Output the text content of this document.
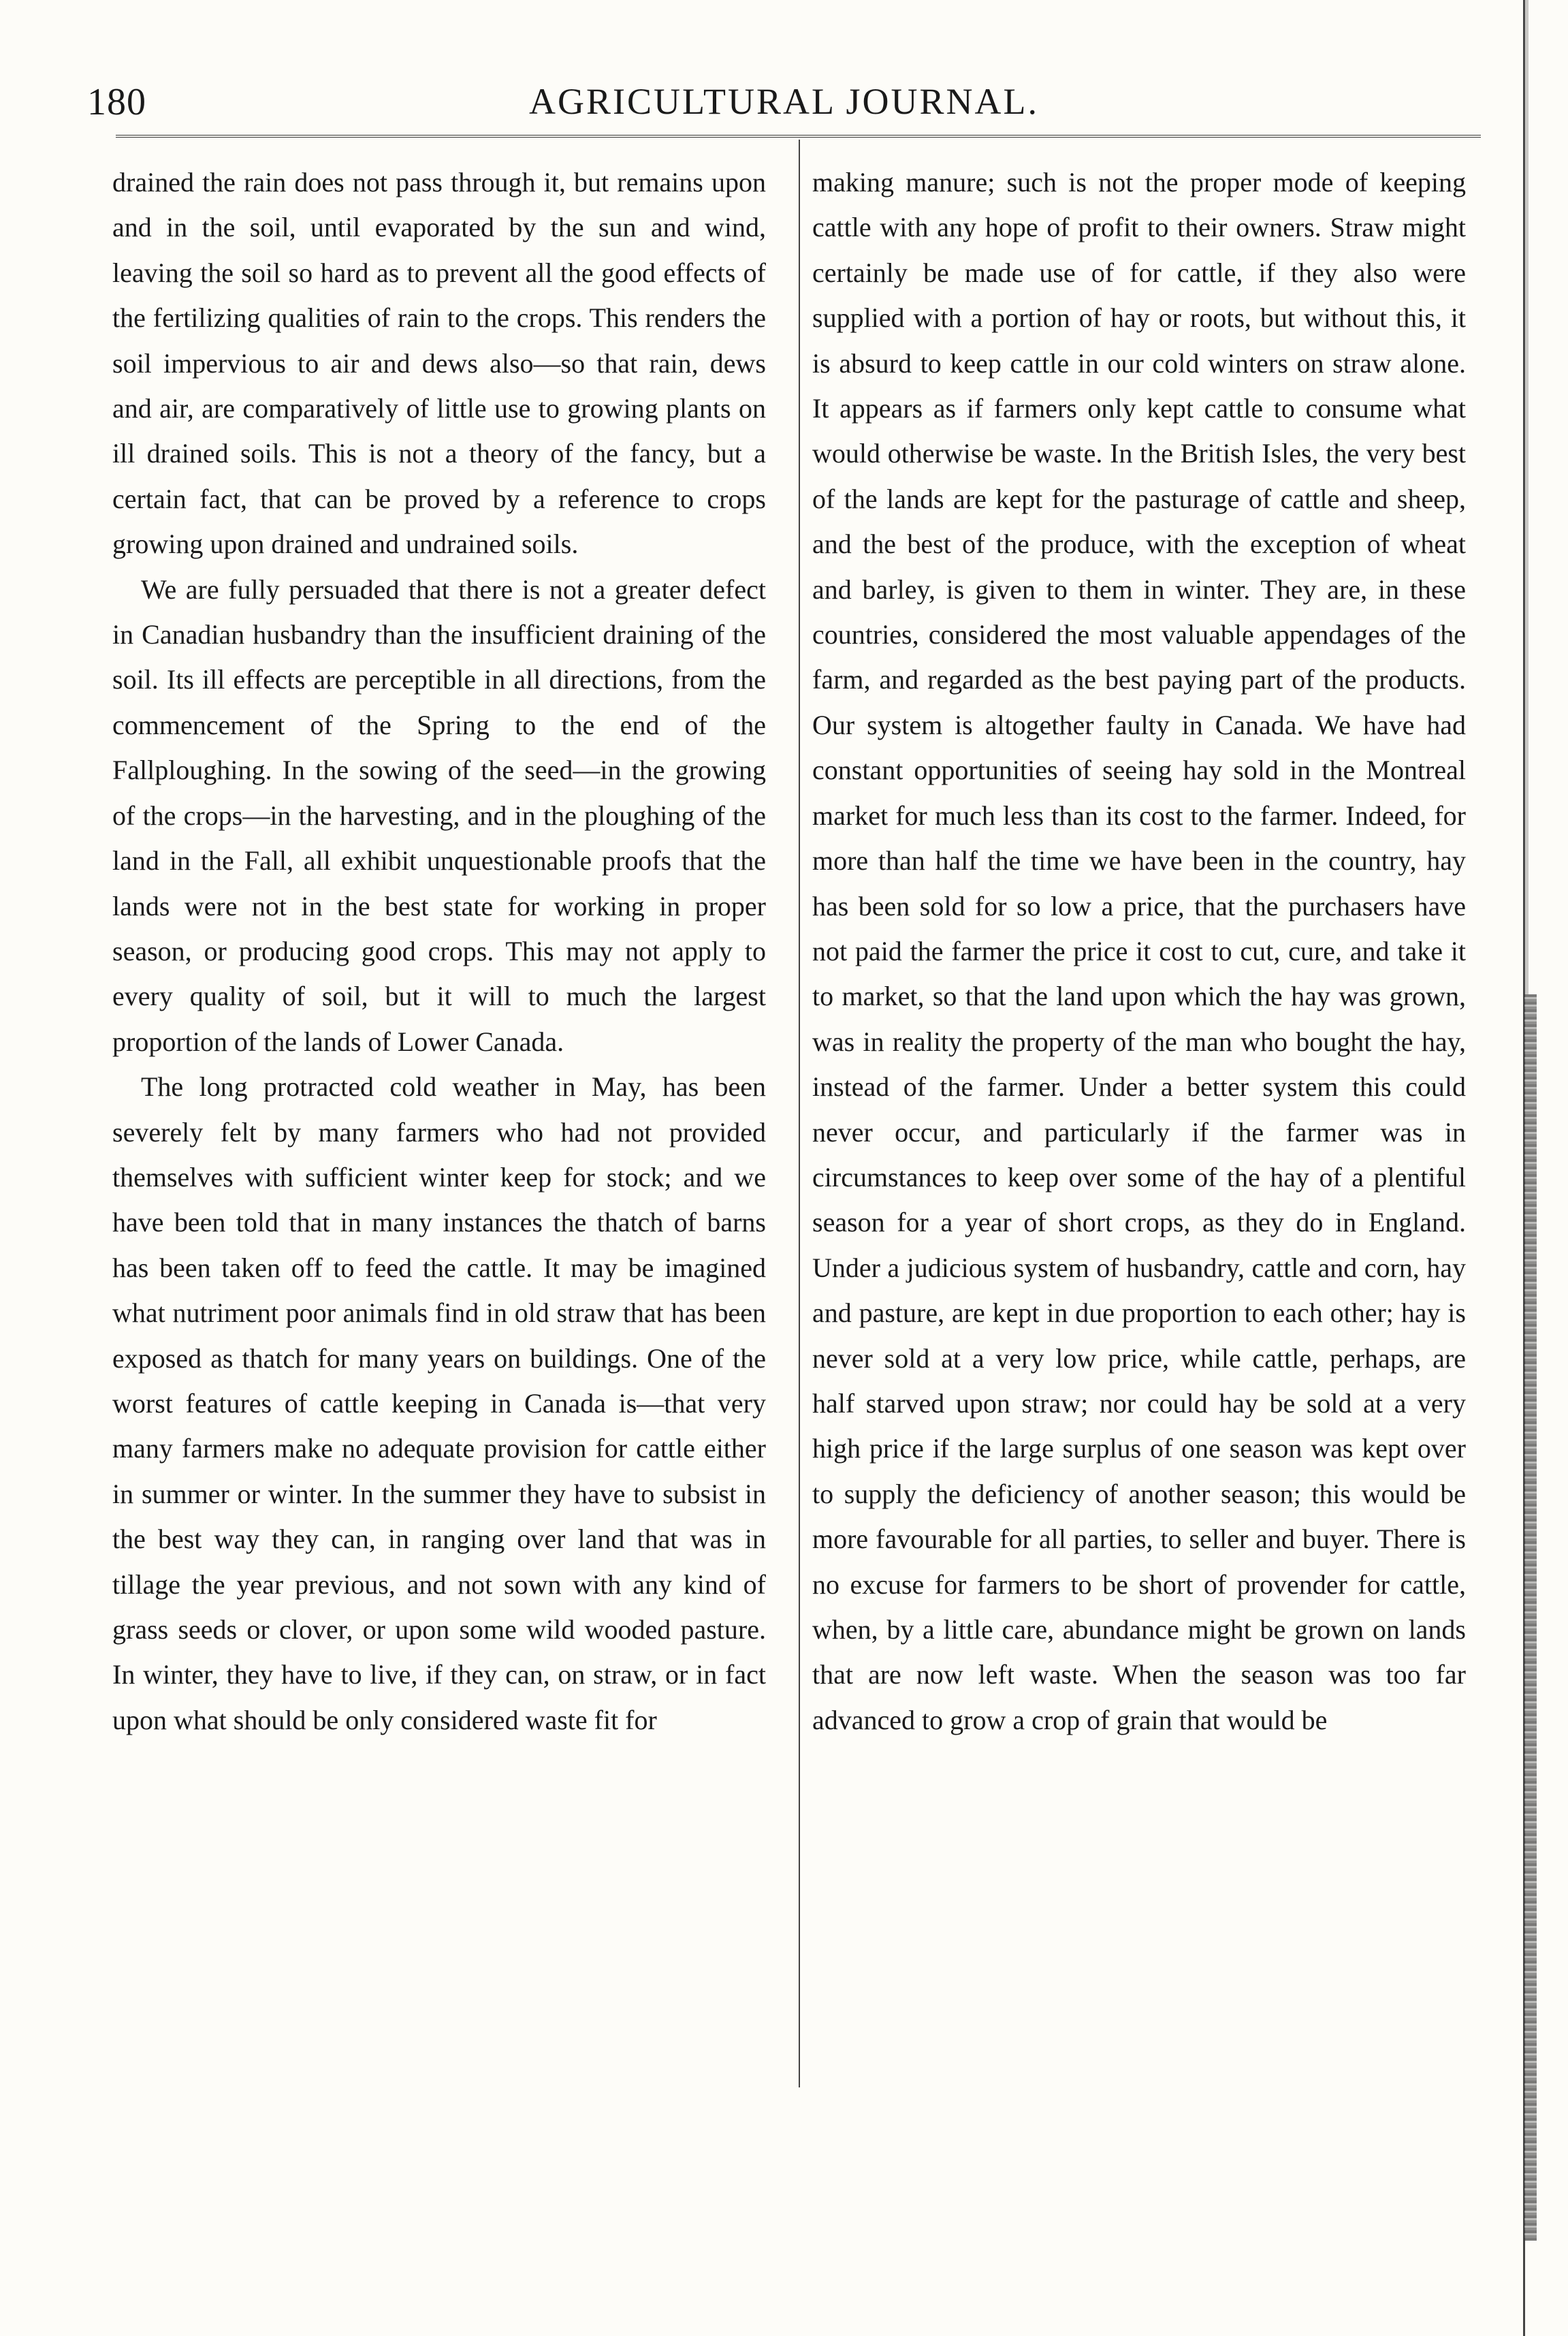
180	AGRICULTURAL JOURNAL.

drained the rain does not pass through it, but remains upon and in the soil, until evaporated by the sun and wind, leaving the soil so hard as to prevent all the good effects of the fertilizing qualities of rain to the crops. This renders the soil impervious to air and dews also—so that rain, dews and air, are comparatively of little use to growing plants on ill drained soils. This is not a theory of the fancy, but a certain fact, that can be proved by a reference to crops growing upon drained and undrained soils.

We are fully persuaded that there is not a greater defect in Canadian husbandry than the insufficient draining of the soil. Its ill effects are perceptible in all directions, from the commencement of the Spring to the end of the Fallploughing. In the sowing of the seed—in the growing of the crops—in the harvesting, and in the ploughing of the land in the Fall, all exhibit unquestionable proofs that the lands were not in the best state for working in proper season, or producing good crops. This may not apply to every quality of soil, but it will to much the largest proportion of the lands of Lower Canada.

The long protracted cold weather in May, has been severely felt by many farmers who had not provided themselves with sufficient winter keep for stock; and we have been told that in many instances the thatch of barns has been taken off to feed the cattle. It may be imagined what nutriment poor animals find in old straw that has been exposed as thatch for many years on buildings. One of the worst features of cattle keeping in Canada is—that very many farmers make no adequate provision for cattle either in summer or winter. In the summer they have to subsist in the best way they can, in ranging over land that was in tillage the year previous, and not sown with any kind of grass seeds or clover, or upon some wild wooded pasture. In winter, they have to live, if they can, on straw, or in fact upon what should be only considered waste fit for

making manure; such is not the proper mode of keeping cattle with any hope of profit to their owners. Straw might certainly be made use of for cattle, if they also were supplied with a portion of hay or roots, but without this, it is absurd to keep cattle in our cold winters on straw alone. It appears as if farmers only kept cattle to consume what would otherwise be waste. In the British Isles, the very best of the lands are kept for the pasturage of cattle and sheep, and the best of the produce, with the exception of wheat and barley, is given to them in winter. They are, in these countries, considered the most valuable appendages of the farm, and regarded as the best paying part of the products. Our system is altogether faulty in Canada. We have had constant opportunities of seeing hay sold in the Montreal market for much less than its cost to the farmer. Indeed, for more than half the time we have been in the country, hay has been sold for so low a price, that the purchasers have not paid the farmer the price it cost to cut, cure, and take it to market, so that the land upon which the hay was grown, was in reality the property of the man who bought the hay, instead of the farmer. Under a better system this could never occur, and particularly if the farmer was in circumstances to keep over some of the hay of a plentiful season for a year of short crops, as they do in England. Under a judicious system of husbandry, cattle and corn, hay and pasture, are kept in due proportion to each other; hay is never sold at a very low price, while cattle, perhaps, are half starved upon straw; nor could hay be sold at a very high price if the large surplus of one season was kept over to supply the deficiency of another season; this would be more favourable for all parties, to seller and buyer. There is no excuse for farmers to be short of provender for cattle, when, by a little care, abundance might be grown on lands that are now left waste. When the season was too far advanced to grow a crop of grain that would be
